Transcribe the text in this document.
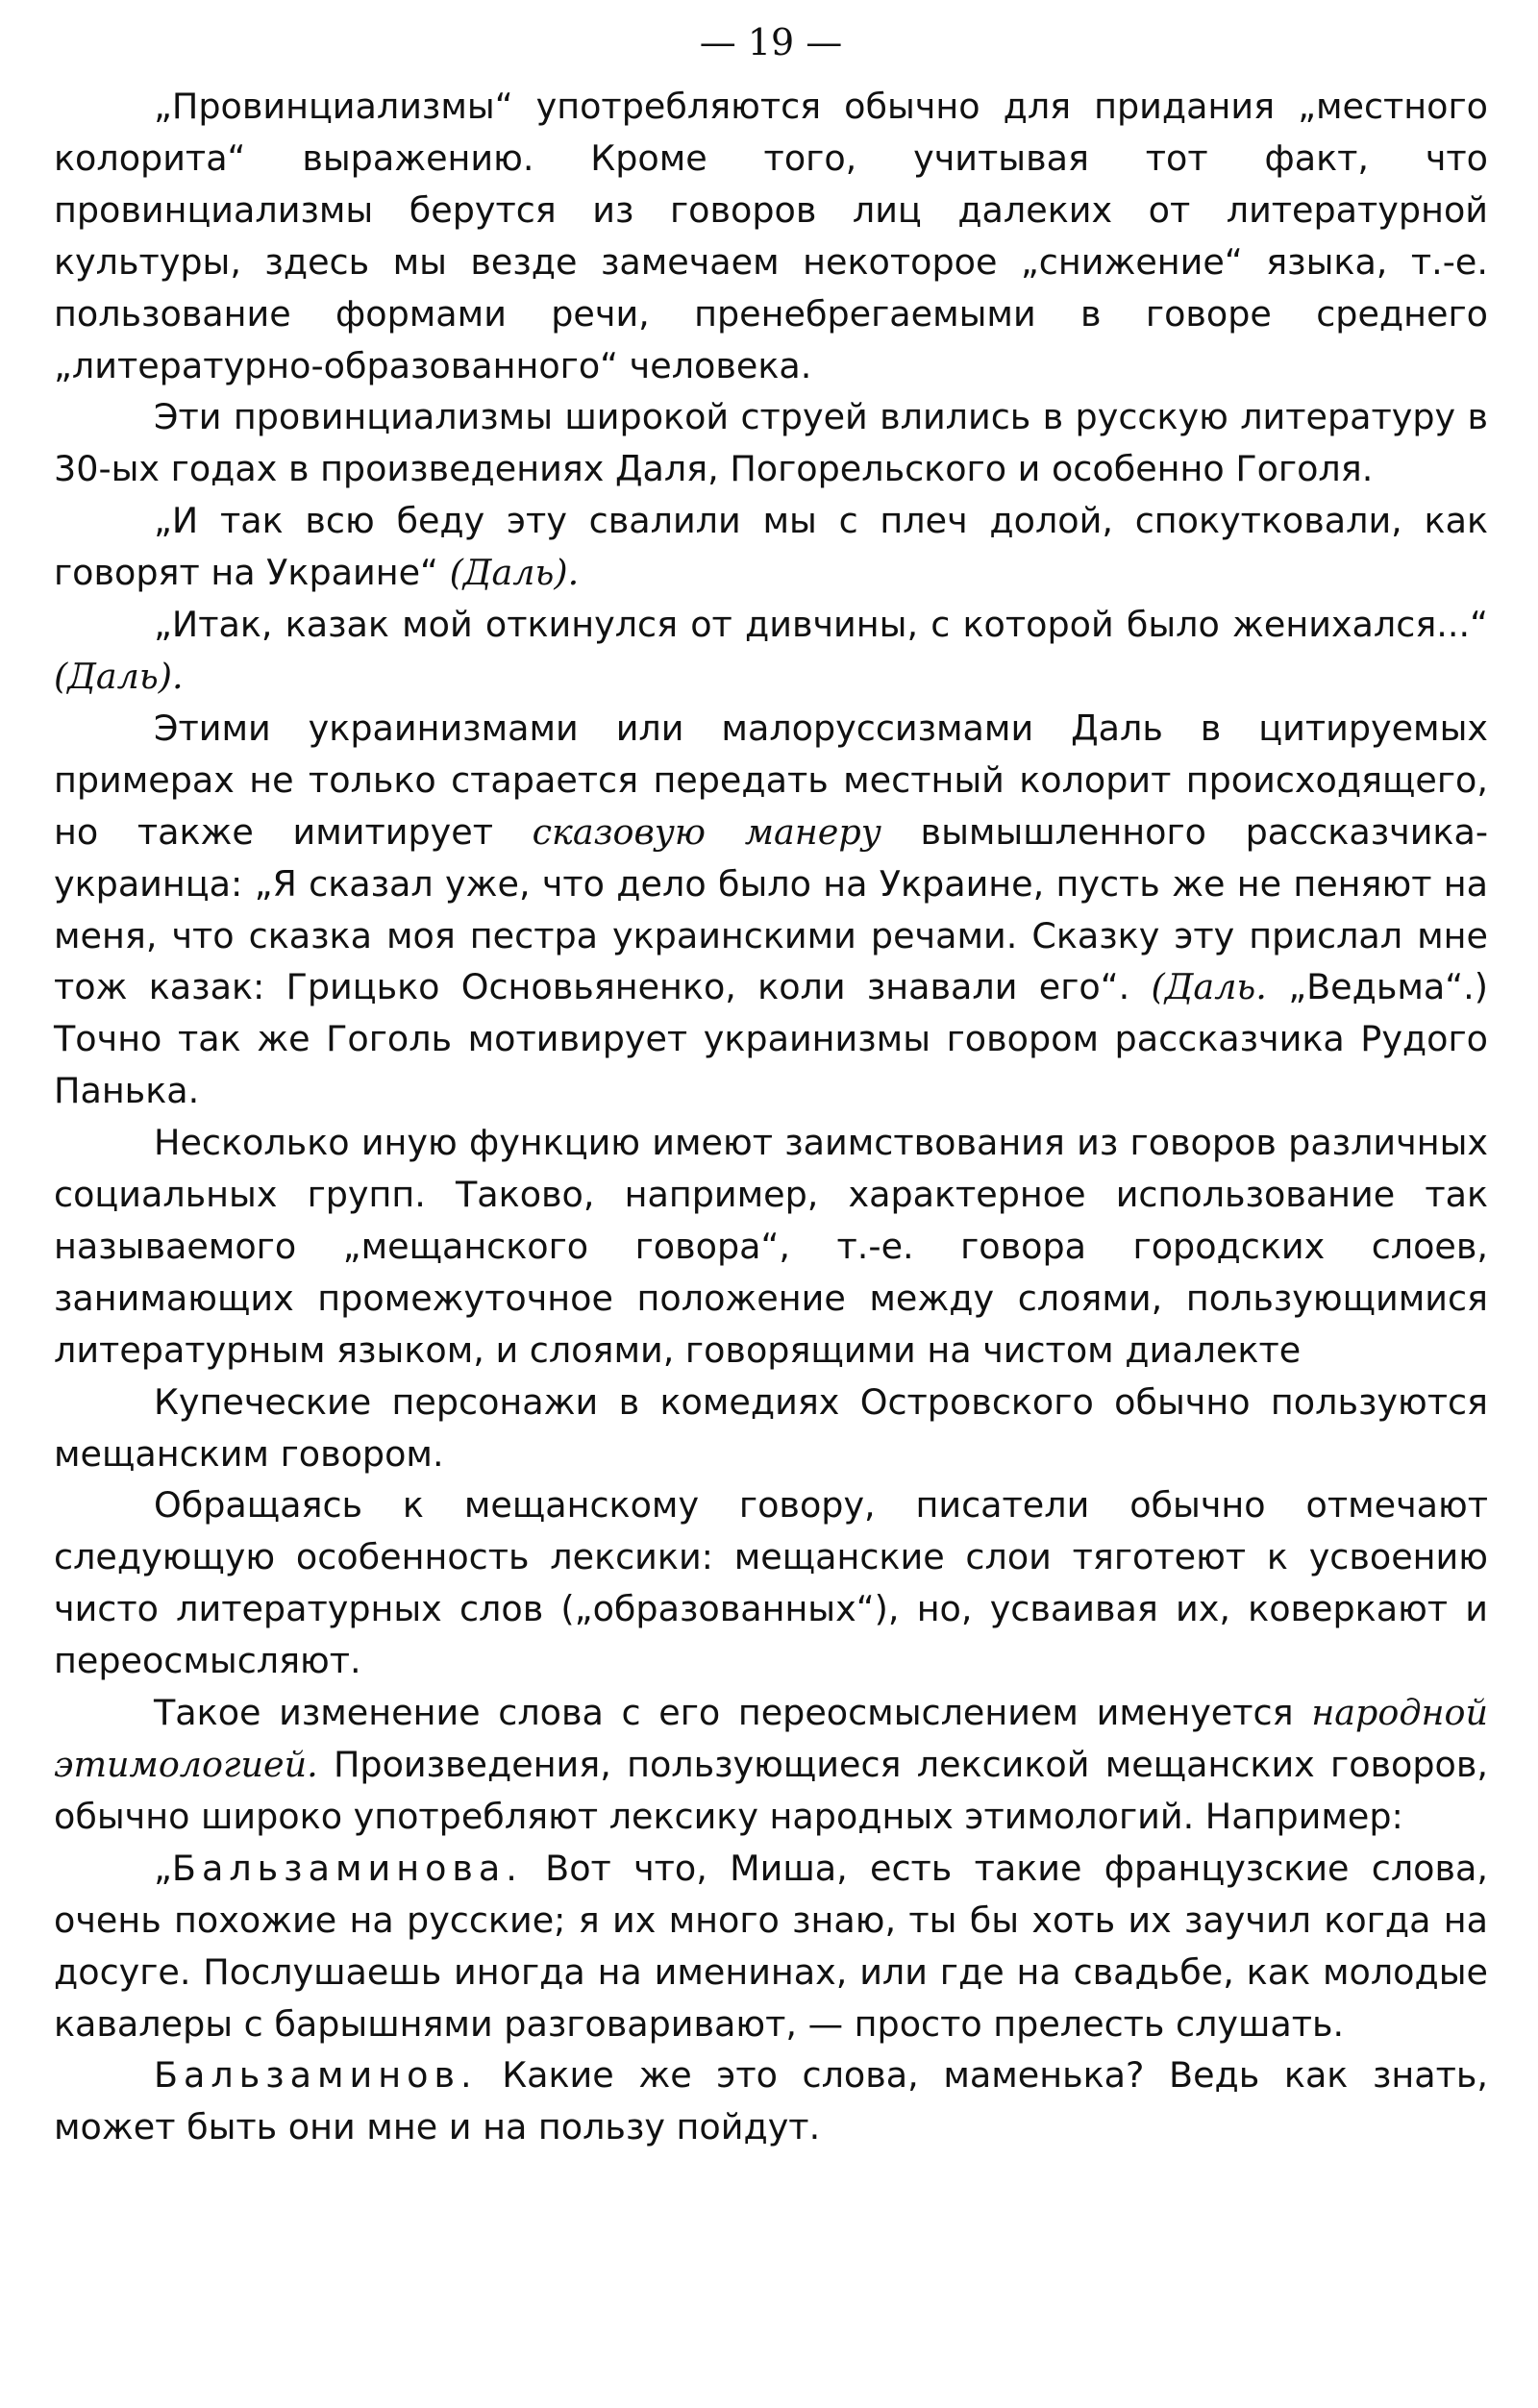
— 19 —

„Провинциализмы“ употребляются обычно для придания „местного колорита“ выражению. Кроме того, учитывая тот факт, что провинциализмы берутся из говоров лиц далеких от литературной культуры, здесь мы везде замечаем некоторое „снижение“ языка, т.-е. пользование формами речи, пренебрегаемыми в говоре среднего „литературно-образованного“ человека.

Эти провинциализмы широкой струей влились в русскую литературу в 30-ых годах в произведениях Даля, Погорельского и особенно Гоголя.

„И так всю беду эту свалили мы с плеч долой, спокутковали, как говорят на Украине“ (Даль).

„Итак, казак мой откинулся от дивчины, с которой было женихался...“ (Даль).

Этими украинизмами или малоруссизмами Даль в цитируемых примерах не только старается передать местный колорит происходящего, но также имитирует сказовую манеру вымышленного рассказчика-украинца: „Я сказал уже, что дело было на Украине, пусть же не пеняют на меня, что сказка моя пестра украинскими речами. Сказку эту прислал мне тож казак: Грицько Основьяненко, коли знавали его“. (Даль. „Ведьма“.) Точно так же Гоголь мотивирует украинизмы говором рассказчика Рудого Панька.

Несколько иную функцию имеют заимствования из говоров различных социальных групп. Таково, например, характерное использование так называемого „мещанского говора“, т.-е. говора городских слоев, занимающих промежуточное положение между слоями, пользующимися литературным языком, и слоями, говорящими на чистом диалекте

Купеческие персонажи в комедиях Островского обычно пользуются мещанским говором.

Обращаясь к мещанскому говору, писатели обычно отмечают следующую особенность лексики: мещанские слои тяготеют к усвоению чисто литературных слов („образованных“), но, усваивая их, коверкают и переосмысляют.

Такое изменение слова с его переосмыслением именуется народной этимологией. Произведения, пользующиеся лексикой мещанских говоров, обычно широко употребляют лексику народных этимологий. Например:

„Бальзаминова. Вот что, Миша, есть такие французские слова, очень похожие на русские; я их много знаю, ты бы хоть их заучил когда на досуге. Послушаешь иногда на именинах, или где на свадьбе, как молодые кавалеры с барышнями разговаривают, — просто прелесть слушать.

Бальзаминов. Какие же это слова, маменька? Ведь как знать, может быть они мне и на пользу пойдут.
